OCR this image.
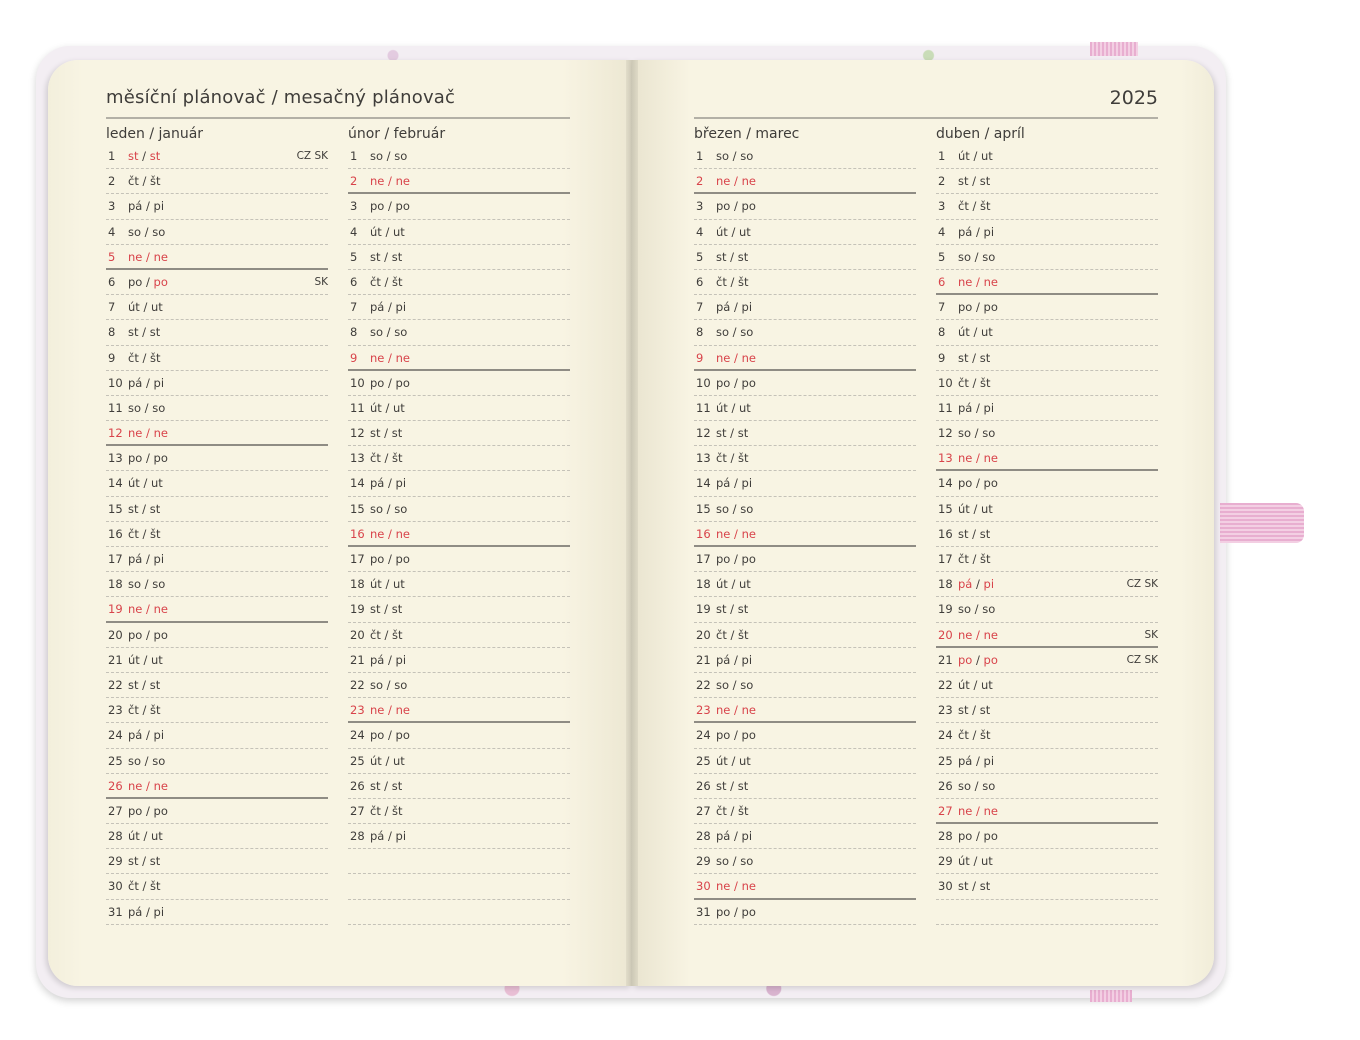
měsíční plánovač / mesačný plánovač	2025
leden / január
1 st / st	CZ SK
2 čt / št
3 pá / pi
4 so / so
5 ne / ne
6 po / po	SK
7 út / ut
8 st / st
9 čt / št
10 pá / pi
11 so / so
12 ne / ne
13 po / po
14 út / ut
15 st / st
16 čt / št
17 pá / pi
18 so / so
19 ne / ne
20 po / po
21 út / ut
22 st / st
23 čt / št
24 pá / pi
25 so / so
26 ne / ne
27 po / po
28 út / ut
29 st / st
30 čt / št
31 pá / pi
únor / február
1 so / so
2 ne / ne
3 po / po
4 út / ut
5 st / st
6 čt / št
7 pá / pi
8 so / so
9 ne / ne
10 po / po
11 út / ut
12 st / st
13 čt / št
14 pá / pi
15 so / so
16 ne / ne
17 po / po
18 út / ut
19 st / st
20 čt / št
21 pá / pi
22 so / so
23 ne / ne
24 po / po
25 út / ut
26 st / st
27 čt / št
28 pá / pi
březen / marec
1 so / so
2 ne / ne
3 po / po
4 út / ut
5 st / st
6 čt / št
7 pá / pi
8 so / so
9 ne / ne
10 po / po
11 út / ut
12 st / st
13 čt / št
14 pá / pi
15 so / so
16 ne / ne
17 po / po
18 út / ut
19 st / st
20 čt / št
21 pá / pi
22 so / so
23 ne / ne
24 po / po
25 út / ut
26 st / st
27 čt / št
28 pá / pi
29 so / so
30 ne / ne
31 po / po
duben / apríl
1 út / ut
2 st / st
3 čt / št
4 pá / pi
5 so / so
6 ne / ne
7 po / po
8 út / ut
9 st / st
10 čt / št
11 pá / pi
12 so / so
13 ne / ne
14 po / po
15 út / ut
16 st / st
17 čt / št
18 pá / pi	CZ SK
19 so / so
20 ne / ne	SK
21 po / po	CZ SK
22 út / ut
23 st / st
24 čt / št
25 pá / pi
26 so / so
27 ne / ne
28 po / po
29 út / ut
30 st / st
